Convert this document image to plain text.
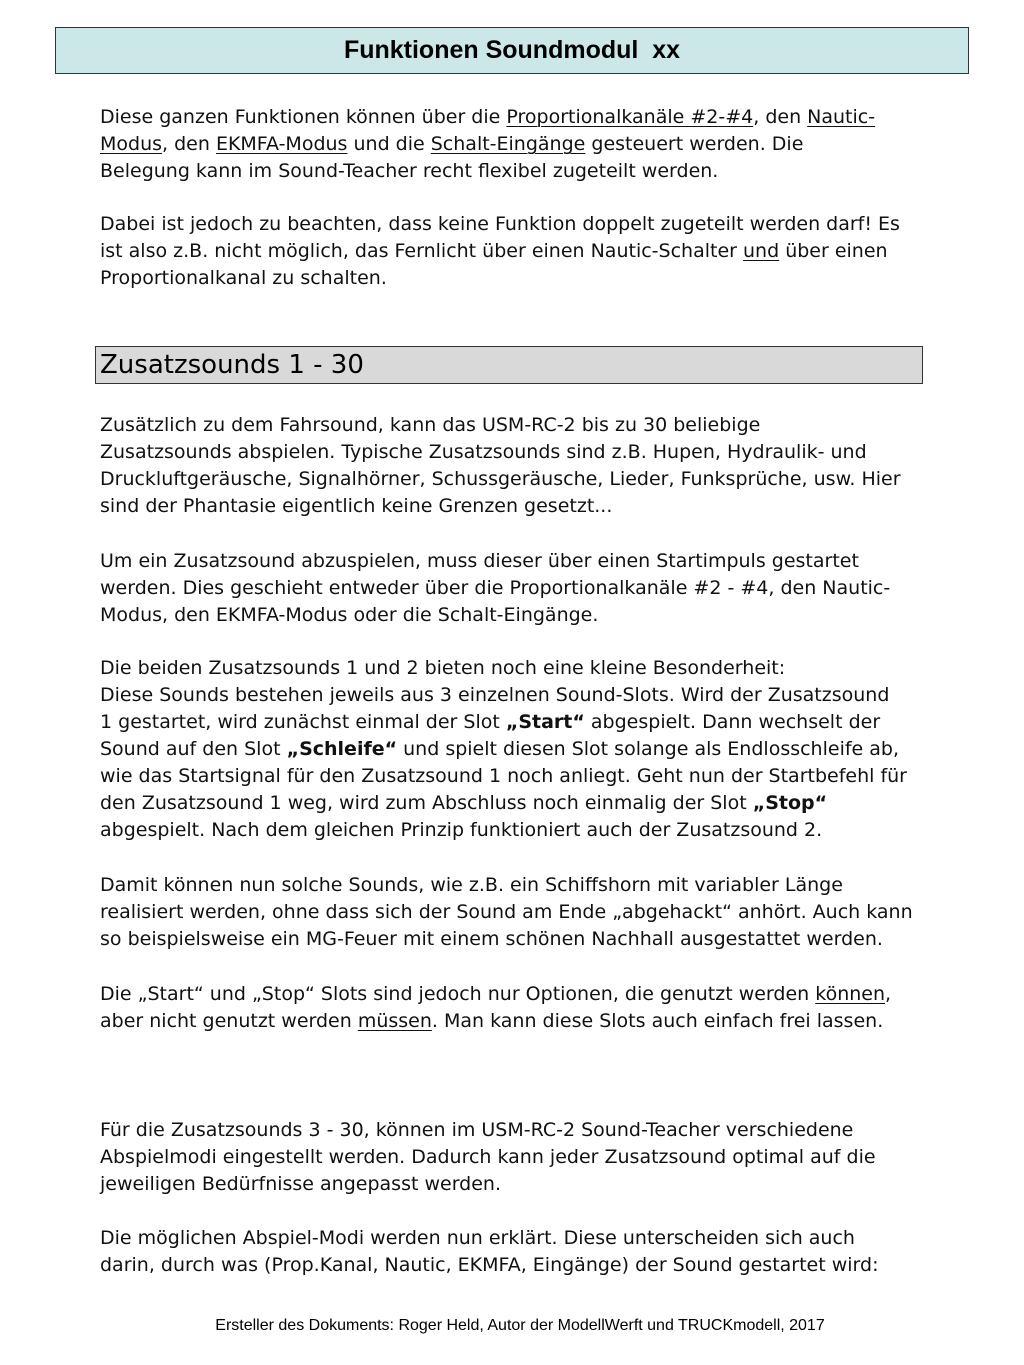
Funktionen Soundmodul  xx
Diese ganzen Funktionen können über die Proportionalkanäle #2-#4, den Nautic-
Modus, den EKMFA-Modus und die Schalt-Eingänge gesteuert werden. Die
Belegung kann im Sound-Teacher recht flexibel zugeteilt werden.
Dabei ist jedoch zu beachten, dass keine Funktion doppelt zugeteilt werden darf! Es
ist also z.B. nicht möglich, das Fernlicht über einen Nautic-Schalter und über einen
Proportionalkanal zu schalten.
Zusatzsounds 1 - 30
Zusätzlich zu dem Fahrsound, kann das USM-RC-2 bis zu 30 beliebige
Zusatzsounds abspielen. Typische Zusatzsounds sind z.B. Hupen, Hydraulik- und
Druckluftgeräusche, Signalhörner, Schussgeräusche, Lieder, Funksprüche, usw. Hier
sind der Phantasie eigentlich keine Grenzen gesetzt...
Um ein Zusatzsound abzuspielen, muss dieser über einen Startimpuls gestartet
werden. Dies geschieht entweder über die Proportionalkanäle #2 - #4, den Nautic-
Modus, den EKMFA-Modus oder die Schalt-Eingänge.
Die beiden Zusatzsounds 1 und 2 bieten noch eine kleine Besonderheit:
Diese Sounds bestehen jeweils aus 3 einzelnen Sound-Slots. Wird der Zusatzsound
1 gestartet, wird zunächst einmal der Slot „Start“ abgespielt. Dann wechselt der
Sound auf den Slot „Schleife“ und spielt diesen Slot solange als Endlosschleife ab,
wie das Startsignal für den Zusatzsound 1 noch anliegt. Geht nun der Startbefehl für
den Zusatzsound 1 weg, wird zum Abschluss noch einmalig der Slot „Stop“
abgespielt. Nach dem gleichen Prinzip funktioniert auch der Zusatzsound 2.
Damit können nun solche Sounds, wie z.B. ein Schiffshorn mit variabler Länge
realisiert werden, ohne dass sich der Sound am Ende „abgehackt“ anhört. Auch kann
so beispielsweise ein MG-Feuer mit einem schönen Nachhall ausgestattet werden.
Die „Start“ und „Stop“ Slots sind jedoch nur Optionen, die genutzt werden können,
aber nicht genutzt werden müssen. Man kann diese Slots auch einfach frei lassen.
Für die Zusatzsounds 3 - 30, können im USM-RC-2 Sound-Teacher verschiedene
Abspielmodi eingestellt werden. Dadurch kann jeder Zusatzsound optimal auf die
jeweiligen Bedürfnisse angepasst werden.
Die möglichen Abspiel-Modi werden nun erklärt. Diese unterscheiden sich auch
darin, durch was (Prop.Kanal, Nautic, EKMFA, Eingänge) der Sound gestartet wird:
Ersteller des Dokuments: Roger Held, Autor der ModellWerft und TRUCKmodell, 2017
